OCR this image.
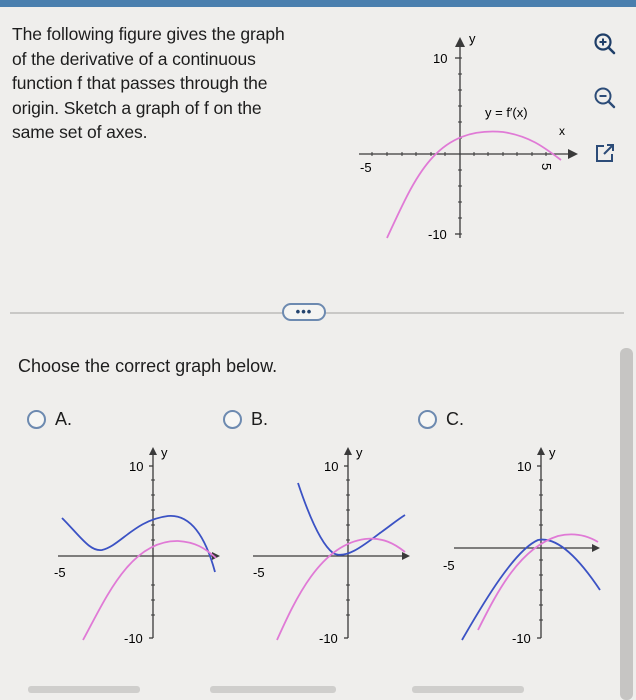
The following figure gives the graph
of the derivative of a continuous
function f that passes through the
origin. Sketch a graph of f on the
same set of axes.
y
10
-10
-5	5
x
y = f′(x)
•••
Choose the correct graph below.
A.	B.	C.
y
10
-10
-5
y
10
-10
-5
y
10
-10
-5
